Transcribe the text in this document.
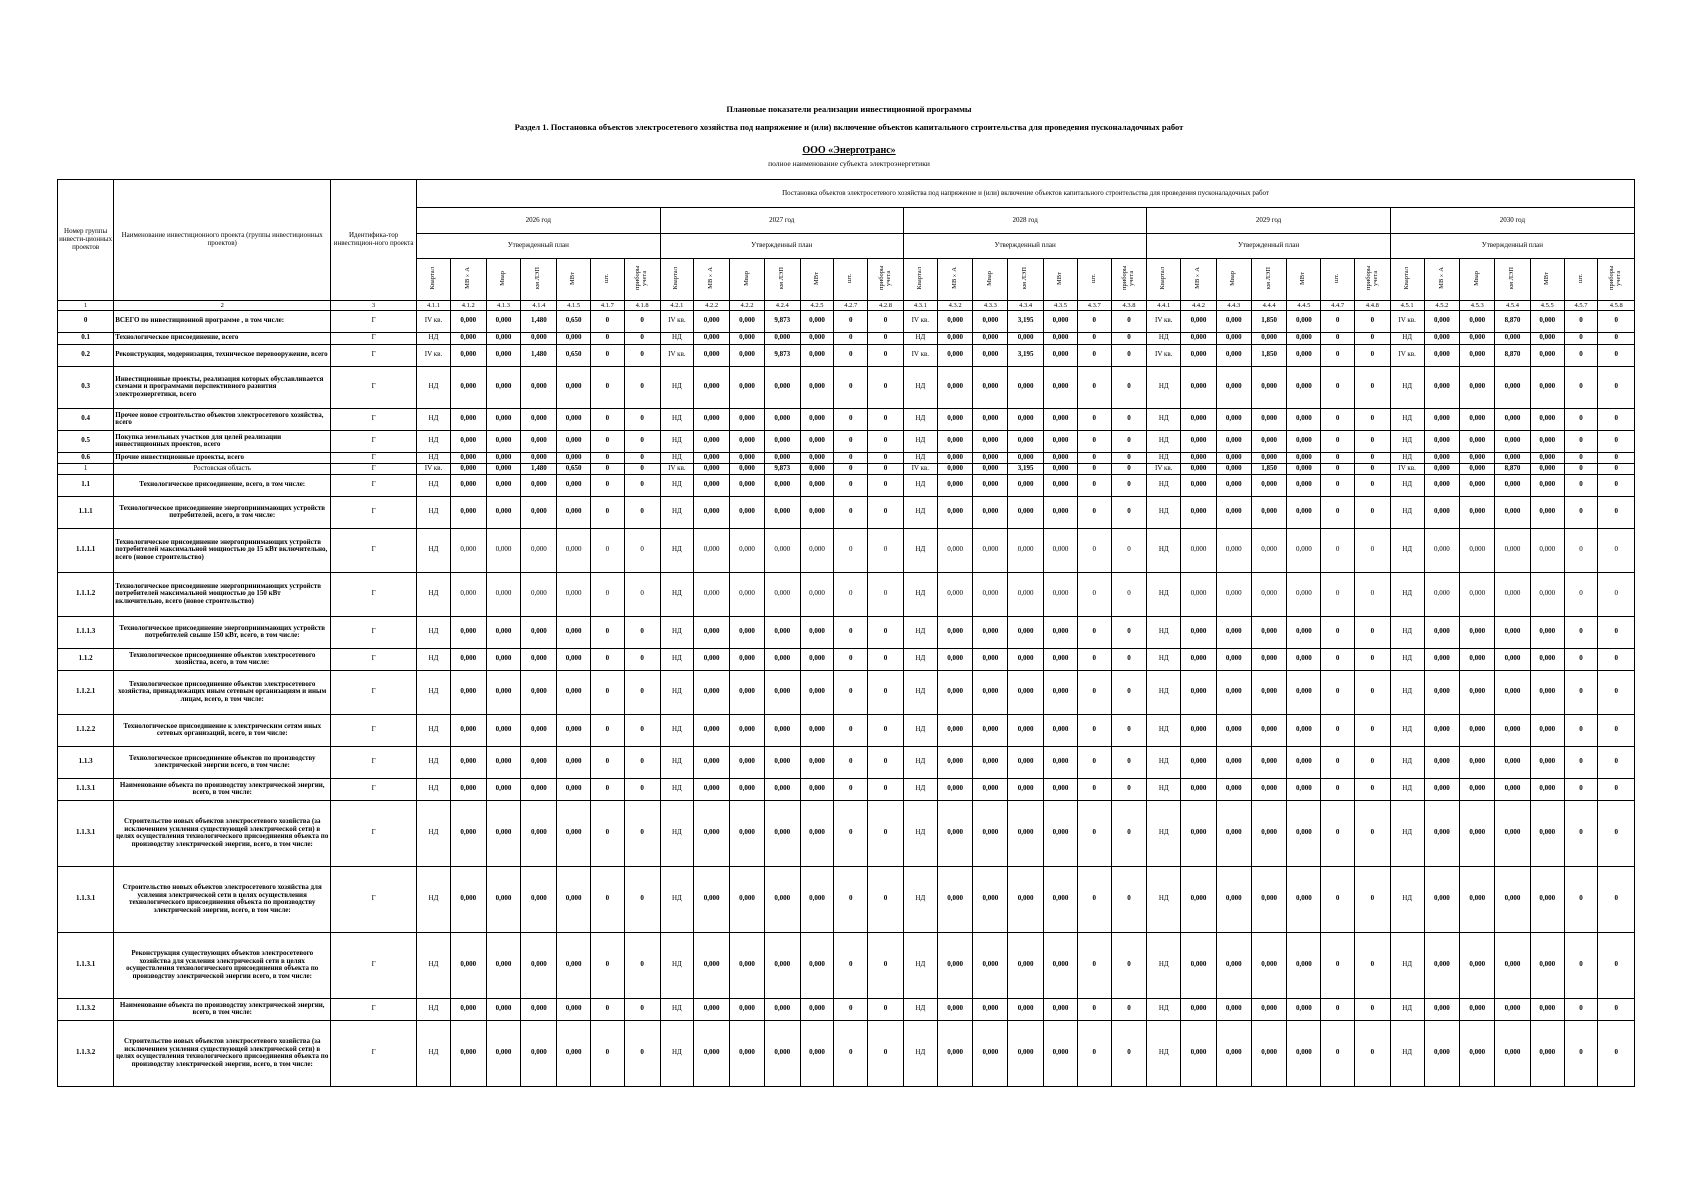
Плановые показатели реализации инвестиционной программы
Раздел 1. Постановка объектов электросетевого хозяйства под напряжение и (или) включение объектов капитального строительства для проведения пусконаладочных работ
ООО «Энерготранс»
полное наименование субъекта электроэнергетики
Номер группы инвести-ционных проектов	Наименование инвестиционного проекта (группы инвестиционных проектов)	Идентифика-тор инвестицион-ного проекта	Постановка объектов электросетевого хозяйства под напряжение и (или) включение объектов капитального строительства для проведения пусконаладочных работ																																		
			2026 год							2027 год							2028 год							2029 год							2030 год						
			Утвержденный план							Утвержденный план							Утвержденный план							Утвержденный план							Утвержденный план						
			Квартал	МВ×А	Мвар	км ЛЭП	МВт	шт.	приборы учета	Квартал	МВ×А	Мвар	км ЛЭП	МВт	шт.	приборы учета	Квартал	МВ×А	Мвар	км ЛЭП	МВт	шт.	приборы учета	Квартал	МВ×А	Мвар	км ЛЭП	МВт	шт.	приборы учета	Квартал	МВ×А	Мвар	км ЛЭП	МВт	шт.	приборы учета
1	2	3	4.1.1	4.1.2	4.1.3	4.1.4	4.1.5	4.1.7	4.1.8	4.2.1	4.2.2	4.2.2	4.2.4	4.2.5	4.2.7	4.2.8	4.3.1	4.3.2	4.3.3	4.3.4	4.3.5	4.3.7	4.3.8	4.4.1	4.4.2	4.4.3	4.4.4	4.4.5	4.4.7	4.4.8	4.5.1	4.5.2	4.5.3	4.5.4	4.5.5	4.5.7	4.5.8
0	ВСЕГО по инвестиционной программе , в том числе:	Г	IV кв.	0,000	0,000	1,480	0,650	0	0	IV кв.	0,000	0,000	9,873	0,000	0	0	IV кв.	0,000	0,000	3,195	0,000	0	0	IV кв.	0,000	0,000	1,850	0,000	0	0	IV кв.	0,000	0,000	8,870	0,000	0	0
0.1	Технологическое присоединение, всего	Г	НД	0,000	0,000	0,000	0,000	0	0	НД	0,000	0,000	0,000	0,000	0	0	НД	0,000	0,000	0,000	0,000	0	0	НД	0,000	0,000	0,000	0,000	0	0	НД	0,000	0,000	0,000	0,000	0	0
0.2	Реконструкция, модернизация, техническое перевооружение, всего	Г	IV кв.	0,000	0,000	1,480	0,650	0	0	IV кв.	0,000	0,000	9,873	0,000	0	0	IV кв.	0,000	0,000	3,195	0,000	0	0	IV кв.	0,000	0,000	1,850	0,000	0	0	IV кв.	0,000	0,000	8,870	0,000	0	0
0.3	Инвестиционные проекты, реализация которых обуславливается схемами и программами перспективного развития электроэнергетики, всего	Г	НД	0,000	0,000	0,000	0,000	0	0	НД	0,000	0,000	0,000	0,000	0	0	НД	0,000	0,000	0,000	0,000	0	0	НД	0,000	0,000	0,000	0,000	0	0	НД	0,000	0,000	0,000	0,000	0	0
0.4	Прочее новое строительство объектов электросетевого хозяйства, всего	Г	НД	0,000	0,000	0,000	0,000	0	0	НД	0,000	0,000	0,000	0,000	0	0	НД	0,000	0,000	0,000	0,000	0	0	НД	0,000	0,000	0,000	0,000	0	0	НД	0,000	0,000	0,000	0,000	0	0
0.5	Покупка земельных участков для целей реализации инвестиционных проектов, всего	Г	НД	0,000	0,000	0,000	0,000	0	0	НД	0,000	0,000	0,000	0,000	0	0	НД	0,000	0,000	0,000	0,000	0	0	НД	0,000	0,000	0,000	0,000	0	0	НД	0,000	0,000	0,000	0,000	0	0
0.6	Прочие инвестиционные проекты, всего	Г	НД	0,000	0,000	0,000	0,000	0	0	НД	0,000	0,000	0,000	0,000	0	0	НД	0,000	0,000	0,000	0,000	0	0	НД	0,000	0,000	0,000	0,000	0	0	НД	0,000	0,000	0,000	0,000	0	0
1	Ростовская область	Г	IV кв.	0,000	0,000	1,480	0,650	0	0	IV кв.	0,000	0,000	9,873	0,000	0	0	IV кв.	0,000	0,000	3,195	0,000	0	0	IV кв.	0,000	0,000	1,850	0,000	0	0	IV кв.	0,000	0,000	8,870	0,000	0	0
1.1	Технологическое присоединение, всего, в том числе:	Г	НД	0,000	0,000	0,000	0,000	0	0	НД	0,000	0,000	0,000	0,000	0	0	НД	0,000	0,000	0,000	0,000	0	0	НД	0,000	0,000	0,000	0,000	0	0	НД	0,000	0,000	0,000	0,000	0	0
1.1.1	Технологическое присоединение энергопринимающих устройств потребителей, всего, в том числе:	Г	НД	0,000	0,000	0,000	0,000	0	0	НД	0,000	0,000	0,000	0,000	0	0	НД	0,000	0,000	0,000	0,000	0	0	НД	0,000	0,000	0,000	0,000	0	0	НД	0,000	0,000	0,000	0,000	0	0
1.1.1.1	Технологическое присоединение энергопринимающих устройств потребителей максимальной мощностью до 15 кВт включительно, всего (новое строительство)	Г	НД	0,000	0,000	0,000	0,000	0	0	НД	0,000	0,000	0,000	0,000	0	0	НД	0,000	0,000	0,000	0,000	0	0	НД	0,000	0,000	0,000	0,000	0	0	НД	0,000	0,000	0,000	0,000	0	0
1.1.1.2	Технологическое присоединение энергопринимающих устройств потребителей максимальной мощностью до 150 кВт включительно, всего (новое строительство)	Г	НД	0,000	0,000	0,000	0,000	0	0	НД	0,000	0,000	0,000	0,000	0	0	НД	0,000	0,000	0,000	0,000	0	0	НД	0,000	0,000	0,000	0,000	0	0	НД	0,000	0,000	0,000	0,000	0	0
1.1.1.3	Технологическое присоединение энергопринимающих устройств потребителей свыше 150 кВт, всего, в том числе:	Г	НД	0,000	0,000	0,000	0,000	0	0	НД	0,000	0,000	0,000	0,000	0	0	НД	0,000	0,000	0,000	0,000	0	0	НД	0,000	0,000	0,000	0,000	0	0	НД	0,000	0,000	0,000	0,000	0	0
1.1.2	Технологическое присоединение объектов электросетевого хозяйства, всего, в том числе:	Г	НД	0,000	0,000	0,000	0,000	0	0	НД	0,000	0,000	0,000	0,000	0	0	НД	0,000	0,000	0,000	0,000	0	0	НД	0,000	0,000	0,000	0,000	0	0	НД	0,000	0,000	0,000	0,000	0	0
1.1.2.1	Технологическое присоединение объектов электросетевого хозяйства, принадлежащих иным сетевым организациям и иным лицам, всего, в том числе:	Г	НД	0,000	0,000	0,000	0,000	0	0	НД	0,000	0,000	0,000	0,000	0	0	НД	0,000	0,000	0,000	0,000	0	0	НД	0,000	0,000	0,000	0,000	0	0	НД	0,000	0,000	0,000	0,000	0	0
1.1.2.2	Технологическое присоединение к электрическим сетям иных сетевых организаций, всего, в том числе:	Г	НД	0,000	0,000	0,000	0,000	0	0	НД	0,000	0,000	0,000	0,000	0	0	НД	0,000	0,000	0,000	0,000	0	0	НД	0,000	0,000	0,000	0,000	0	0	НД	0,000	0,000	0,000	0,000	0	0
1.1.3	Технологическое присоединение объектов по производству электрической энергии всего, в том числе:	Г	НД	0,000	0,000	0,000	0,000	0	0	НД	0,000	0,000	0,000	0,000	0	0	НД	0,000	0,000	0,000	0,000	0	0	НД	0,000	0,000	0,000	0,000	0	0	НД	0,000	0,000	0,000	0,000	0	0
1.1.3.1	Наименование объекта по производству электрической энергии, всего, в том числе:	Г	НД	0,000	0,000	0,000	0,000	0	0	НД	0,000	0,000	0,000	0,000	0	0	НД	0,000	0,000	0,000	0,000	0	0	НД	0,000	0,000	0,000	0,000	0	0	НД	0,000	0,000	0,000	0,000	0	0
1.1.3.1	Строительство новых объектов электросетевого хозяйства (за исключением усиления существующей электрической сети) в целях осуществления технологического присоединения объекта по производству электрической энергии, всего, в том числе:	Г	НД	0,000	0,000	0,000	0,000	0	0	НД	0,000	0,000	0,000	0,000	0	0	НД	0,000	0,000	0,000	0,000	0	0	НД	0,000	0,000	0,000	0,000	0	0	НД	0,000	0,000	0,000	0,000	0	0
1.1.3.1	Строительство новых объектов электросетевого хозяйства для усиления электрической сети в целях осуществления технологического присоединения объекта по производству электрической энергии, всего, в том числе:	Г	НД	0,000	0,000	0,000	0,000	0	0	НД	0,000	0,000	0,000	0,000	0	0	НД	0,000	0,000	0,000	0,000	0	0	НД	0,000	0,000	0,000	0,000	0	0	НД	0,000	0,000	0,000	0,000	0	0
1.1.3.1	Реконструкция существующих объектов электросетевого хозяйства для усиления электрической сети в целях осуществления технологического присоединения объекта по производству электрической энергии всего, в том числе:	Г	НД	0,000	0,000	0,000	0,000	0	0	НД	0,000	0,000	0,000	0,000	0	0	НД	0,000	0,000	0,000	0,000	0	0	НД	0,000	0,000	0,000	0,000	0	0	НД	0,000	0,000	0,000	0,000	0	0
1.1.3.2	Наименование объекта по производству электрической энергии, всего, в том числе:	Г	НД	0,000	0,000	0,000	0,000	0	0	НД	0,000	0,000	0,000	0,000	0	0	НД	0,000	0,000	0,000	0,000	0	0	НД	0,000	0,000	0,000	0,000	0	0	НД	0,000	0,000	0,000	0,000	0	0
1.1.3.2	Строительство новых объектов электросетевого хозяйства (за исключением усиления существующей электрической сети) в целях осуществления технологического присоединения объекта по производству электрической энергии, всего, в том числе:	Г	НД	0,000	0,000	0,000	0,000	0	0	НД	0,000	0,000	0,000	0,000	0	0	НД	0,000	0,000	0,000	0,000	0	0	НД	0,000	0,000	0,000	0,000	0	0	НД	0,000	0,000	0,000	0,000	0	0
